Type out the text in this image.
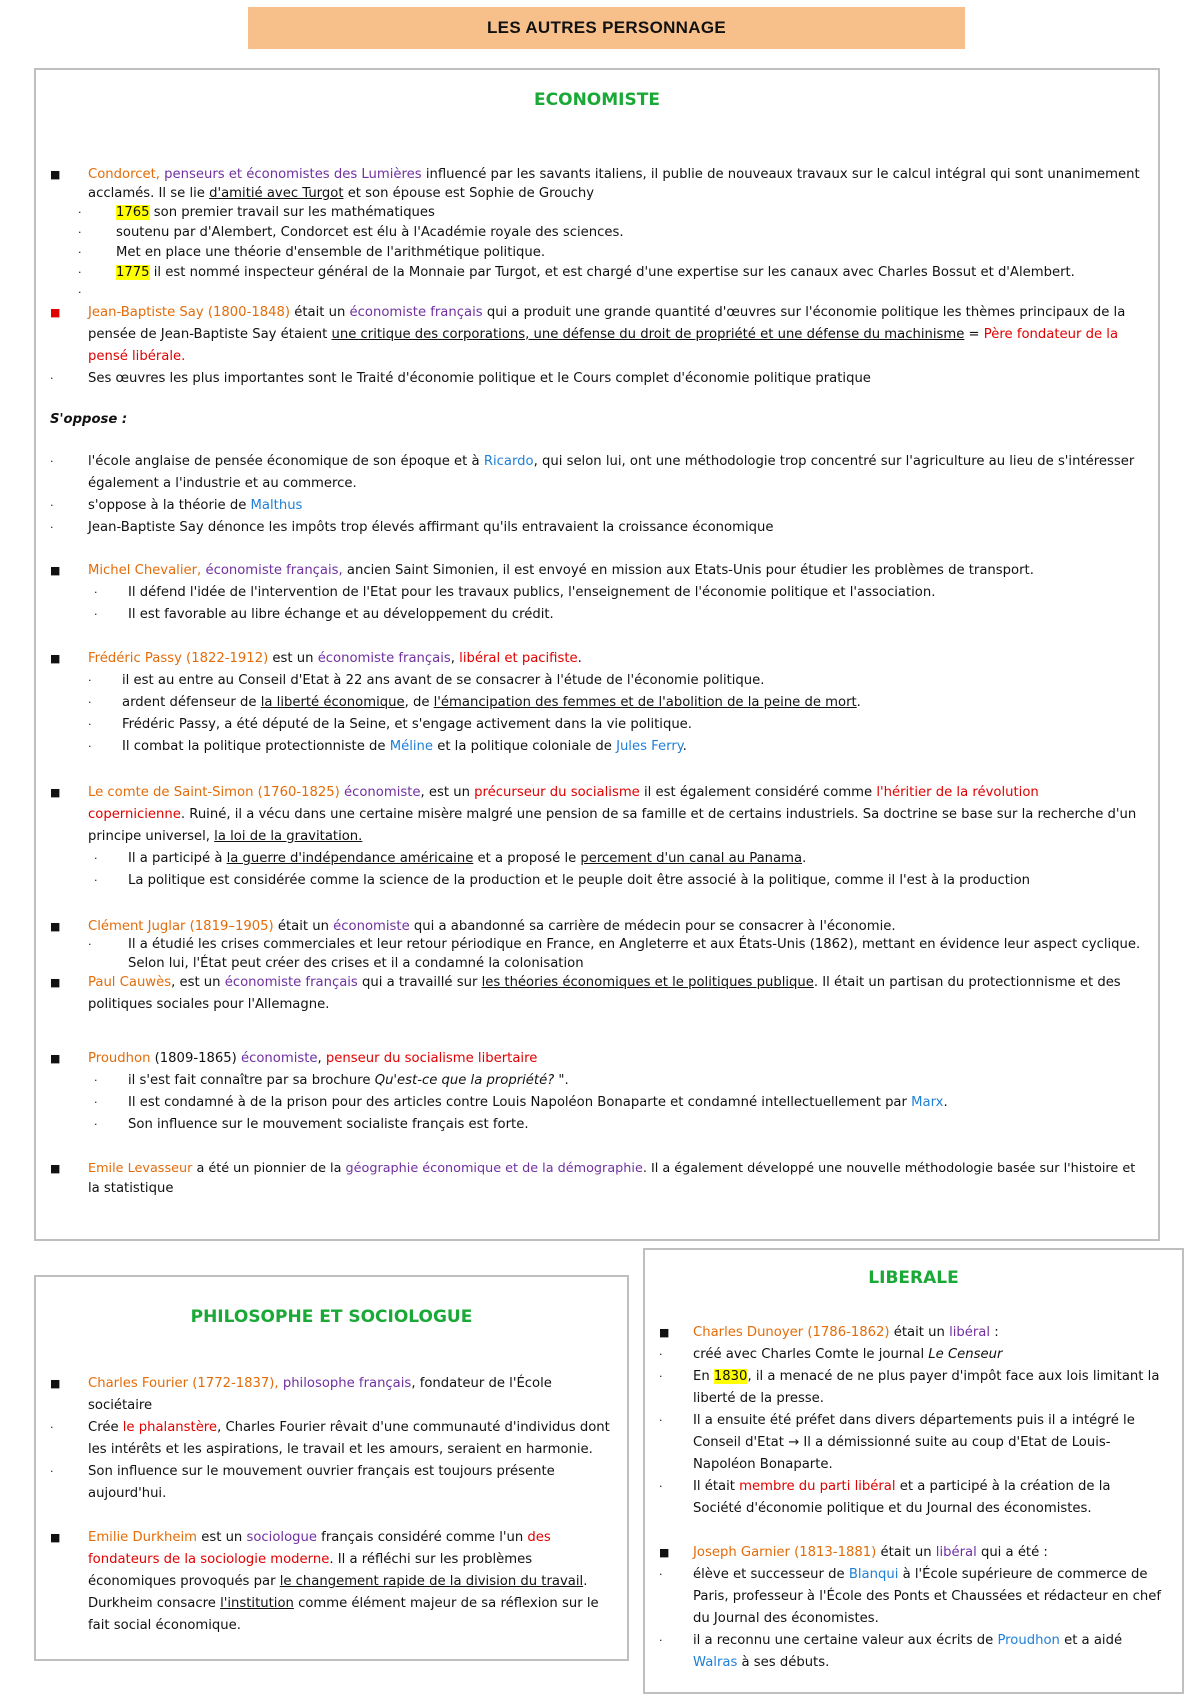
LES AUTRES PERSONNAGE
ECONOMISTE
■ Condorcet, penseurs et économistes des Lumières influencé par les savants italiens, il publie de nouveaux travaux sur le calcul intégral qui sont unanimement
acclamés. Il se lie d'amitié avec Turgot et son épouse est Sophie de Grouchy
·	1765 son premier travail sur les mathématiques
·	soutenu par d'Alembert, Condorcet est élu à l'Académie royale des sciences.
·	Met en place une théorie d'ensemble de l'arithmétique politique.
·	1775 il est nommé inspecteur général de la Monnaie par Turgot, et est chargé d'une expertise sur les canaux avec Charles Bossut et d'Alembert.
·
■ Jean-Baptiste Say (1800-1848) était un économiste français qui a produit une grande quantité d'œuvres sur l'économie politique les thèmes principaux de la
pensée de Jean-Baptiste Say étaient une critique des corporations, une défense du droit de propriété et une défense du machinisme = Père fondateur de la
pensé libérale.
·	Ses œuvres les plus importantes sont le Traité d'économie politique et le Cours complet d'économie politique pratique
S'oppose :
·	l'école anglaise de pensée économique de son époque et à Ricardo, qui selon lui, ont une méthodologie trop concentré sur l'agriculture au lieu de s'intéresser
également a l'industrie et au commerce.
·	s'oppose à la théorie de Malthus
·	Jean-Baptiste Say dénonce les impôts trop élevés affirmant qu'ils entravaient la croissance économique
■ Michel Chevalier, économiste français, ancien Saint Simonien, il est envoyé en mission aux Etats-Unis pour étudier les problèmes de transport.
· Il défend l'idée de l'intervention de l'Etat pour les travaux publics, l'enseignement de l'économie politique et l'association.
· Il est favorable au libre échange et au développement du crédit.
■ Frédéric Passy (1822-1912) est un économiste français, libéral et pacifiste.
· il est au entre au Conseil d'Etat à 22 ans avant de se consacrer à l'étude de l'économie politique.
· ardent défenseur de la liberté économique, de l'émancipation des femmes et de l'abolition de la peine de mort.
· Frédéric Passy, a été député de la Seine, et s'engage activement dans la vie politique.
· Il combat la politique protectionniste de Méline et la politique coloniale de Jules Ferry.
■ Le comte de Saint-Simon (1760-1825) économiste, est un précurseur du socialisme il est également considéré comme l'héritier de la révolution
copernicienne. Ruiné, il a vécu dans une certaine misère malgré une pension de sa famille et de certains industriels. Sa doctrine se base sur la recherche d'un
principe universel, la loi de la gravitation.
· Il a participé à la guerre d'indépendance américaine et a proposé le percement d'un canal au Panama.
· La politique est considérée comme la science de la production et le peuple doit être associé à la politique, comme il l'est à la production
■ Clément Juglar (1819–1905) était un économiste qui a abandonné sa carrière de médecin pour se consacrer à l'économie.
·	Il a étudié les crises commerciales et leur retour périodique en France, en Angleterre et aux États-Unis (1862), mettant en évidence leur aspect cyclique.
Selon lui, l'État peut créer des crises et il a condamné la colonisation
■ Paul Cauwès, est un économiste français qui a travaillé sur les théories économiques et le politiques publique. Il était un partisan du protectionnisme et des
politiques sociales pour l'Allemagne.
■ Proudhon (1809-1865) économiste, penseur du socialisme libertaire
· il s'est fait connaître par sa brochure Qu'est-ce que la propriété? ".
· Il est condamné à de la prison pour des articles contre Louis Napoléon Bonaparte et condamné intellectuellement par Marx.
· Son influence sur le mouvement socialiste français est forte.
■ Emile Levasseur a été un pionnier de la géographie économique et de la démographie. Il a également développé une nouvelle méthodologie basée sur l'histoire et
la statistique
PHILOSOPHE ET SOCIOLOGUE
■ Charles Fourier (1772-1837), philosophe français, fondateur de l'École
sociétaire
·	Crée le phalanstère, Charles Fourier rêvait d'une communauté d'individus dont
les intérêts et les aspirations, le travail et les amours, seraient en harmonie.
·	Son influence sur le mouvement ouvrier français est toujours présente
aujourd'hui.
■ Emilie Durkheim est un sociologue français considéré comme l'un des
fondateurs de la sociologie moderne. Il a réfléchi sur les problèmes
économiques provoqués par le changement rapide de la division du travail.
Durkheim consacre l'institution comme élément majeur de sa réflexion sur le
fait social économique.
LIBERALE
■ Charles Dunoyer (1786-1862) était un libéral :
· créé avec Charles Comte le journal Le Censeur
· En 1830, il a menacé de ne plus payer d'impôt face aux lois limitant la
liberté de la presse.
· Il a ensuite été préfet dans divers départements puis il a intégré le
Conseil d'Etat → Il a démissionné suite au coup d'Etat de Louis-
Napoléon Bonaparte.
· Il était membre du parti libéral et a participé à la création de la
Société d'économie politique et du Journal des économistes.
■ Joseph Garnier (1813-1881) était un libéral qui a été :
· élève et successeur de Blanqui à l'École supérieure de commerce de
Paris, professeur à l'École des Ponts et Chaussées et rédacteur en chef
du Journal des économistes.
· il a reconnu une certaine valeur aux écrits de Proudhon et a aidé
Walras à ses débuts.
